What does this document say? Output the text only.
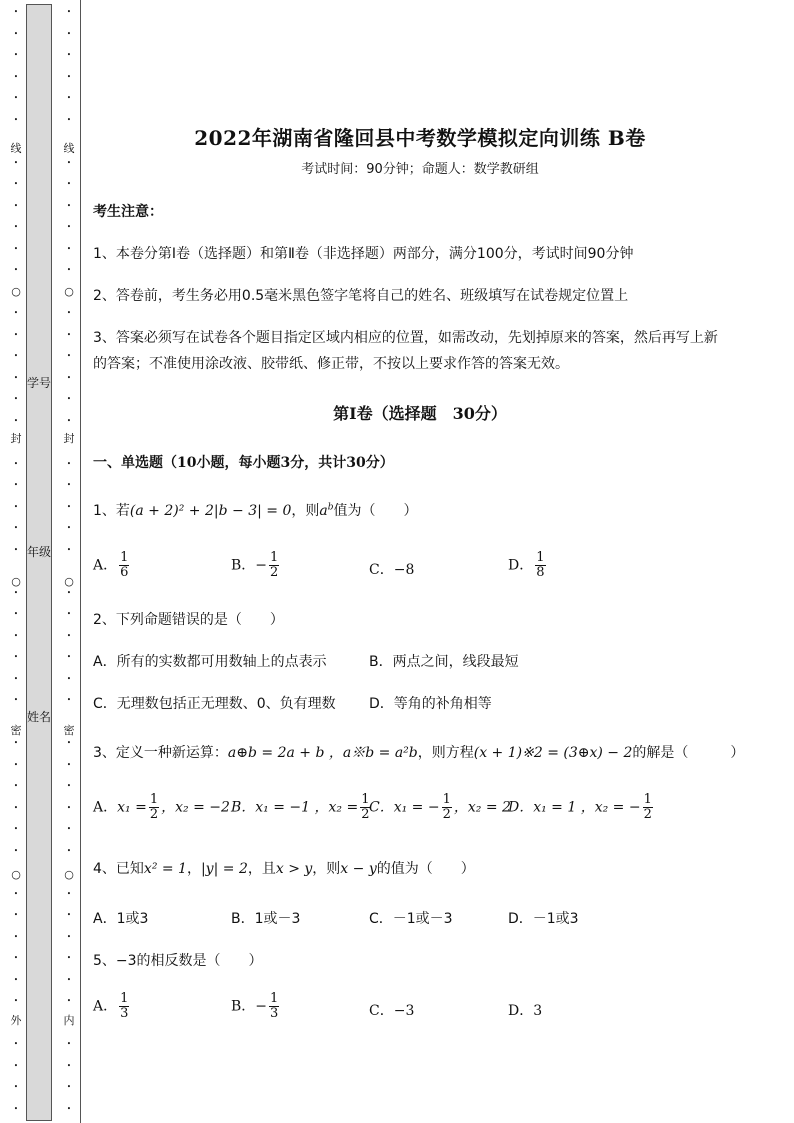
•
•
•
•
•
•
线
•
•
•
•
•
•
○
•
•
•
•
•
•
封
•
•
•
•
•
○
•
•
•
•
•
•
密
•
•
•
•
•
•
○
•
•
•
•
•
•
外
•
•
•
•
•
•
•
•
•
•
线
•
•
•
•
•
•
○
•
•
•
•
•
•
封
•
•
•
•
•
○
•
•
•
•
•
•
密
•
•
•
•
•
•
○
•
•
•
•
•
•
内
•
•
•
•
学号
年级
姓名
2022年湖南省隆回县中考数学模拟定向训练 B卷
考试时间：90分钟；命题人：数学教研组
考生注意：
1、本卷分第Ⅰ卷（选择题）和第Ⅱ卷（非选择题）两部分，满分100分，考试时间90分钟
2、答卷前，考生务必用0.5毫米黑色签字笔将自己的姓名、班级填写在试卷规定位置上
3、答案必须写在试卷各个题目指定区域内相应的位置，如需改动，先划掉原来的答案，然后再写上新
的答案；不准使用涂改液、胶带纸、修正带，不按以上要求作答的答案无效。
第Ⅰ卷（选择题　30分）
一、单选题（10小题，每小题3分，共计30分）
1、若(a + 2)² + 2|b − 3| = 0，则$a^b$值为（　　）
A． $\frac{1}{6}$	B．− $\frac{1}{2}$	C．−8	D． $\frac{1}{8}$
2、下列命题错误的是（　　）
A．所有的实数都可用数轴上的点表示	B．两点之间，线段最短
C．无理数包括正无理数、0、负有理数 D．等角的补角相等
3、定义一种新运算：a⊕b = 2a + b ，a※b = a²b，则方程(x + 1)※2 = (3⊕x) − 2的解是（　　　）
A．$x_1 = \frac{1}{2}$ ，x₂ = −2 B．x₁ = −1 ，$x_2 = \frac{1}{2}$
C．x₁ = − $\frac{1}{2}$ ，x₂ = 2
D．x₁ = 1 ，x₂ = − $\frac{1}{2}$
4、已知x² = 1，|y| = 2，且x > y，则x − y的值为（　　）
A．1或3	B．1或－3	C．－1或－3	D．－1或3
5、−3的相反数是（　　）
A． $\frac{1}{3}$	B．− $\frac{1}{3}$	C．−3	D．3
